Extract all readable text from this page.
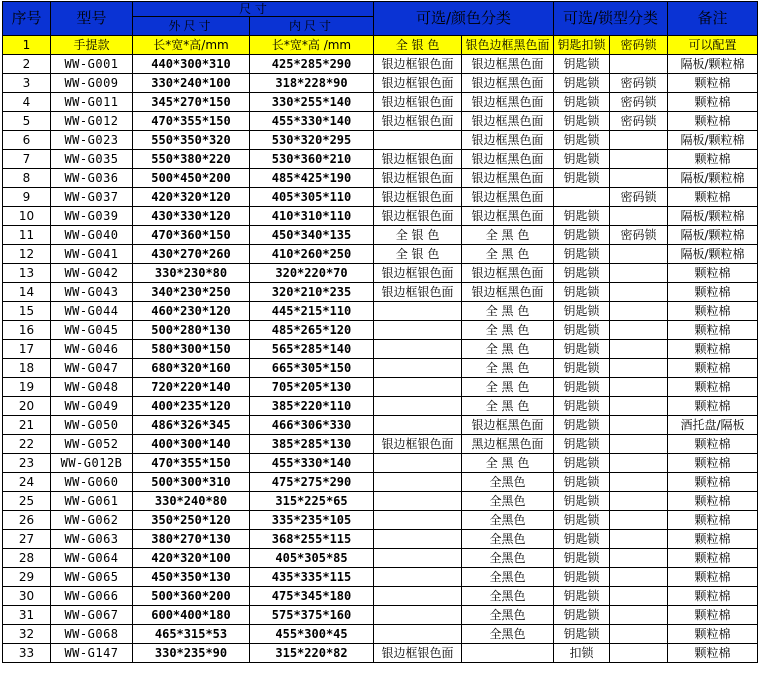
序号	型号	尺 寸		可选/颜色分类		可选/锁型分类		备注
		外尺寸	内尺寸					
1	手提款	长*宽*高/mm	长*宽*高 /mm	全 银 色	银色边框黑色面	钥匙扣锁	密码锁	可以配置
2	WW-G001	440*300*310	425*285*290	银边框银色面	银边框黑色面	钥匙锁		隔板/颗粒棉
3	WW-G009	330*240*100	318*228*90	银边框银色面	银边框黑色面	钥匙锁	密码锁	颗粒棉
4	WW-G011	345*270*150	330*255*140	银边框银色面	银边框黑色面	钥匙锁	密码锁	颗粒棉
5	WW-G012	470*355*150	455*330*140	银边框银色面	银边框黑色面	钥匙锁	密码锁	颗粒棉
6	WW-G023	550*350*320	530*320*295		银边框黑色面	钥匙锁		隔板/颗粒棉
7	WW-G035	550*380*220	530*360*210	银边框银色面	银边框黑色面	钥匙锁		颗粒棉
8	WW-G036	500*450*200	485*425*190	银边框银色面	银边框黑色面	钥匙锁		隔板/颗粒棉
9	WW-G037	420*320*120	405*305*110	银边框银色面	银边框黑色面		密码锁	颗粒棉
10	WW-G039	430*330*120	410*310*110	银边框银色面	银边框黑色面	钥匙锁		隔板/颗粒棉
11	WW-G040	470*360*150	450*340*135	全 银 色	全 黑 色	钥匙锁	密码锁	隔板/颗粒棉
12	WW-G041	430*270*260	410*260*250	全 银 色	全 黑 色	钥匙锁		隔板/颗粒棉
13	WW-G042	330*230*80	320*220*70	银边框银色面	银边框黑色面	钥匙锁		颗粒棉
14	WW-G043	340*230*250	320*210*235	银边框银色面	银边框黑色面	钥匙锁		颗粒棉
15	WW-G044	460*230*120	445*215*110		全 黑 色	钥匙锁		颗粒棉
16	WW-G045	500*280*130	485*265*120		全 黑 色	钥匙锁		颗粒棉
17	WW-G046	580*300*150	565*285*140		全 黑 色	钥匙锁		颗粒棉
18	WW-G047	680*320*160	665*305*150		全 黑 色	钥匙锁		颗粒棉
19	WW-G048	720*220*140	705*205*130		全 黑 色	钥匙锁		颗粒棉
20	WW-G049	400*235*120	385*220*110		全 黑 色	钥匙锁		颗粒棉
21	WW-G050	486*326*345	466*306*330		银边框黑色面	钥匙锁		酒托盘/隔板
22	WW-G052	400*300*140	385*285*130	银边框银色面	黑边框黑色面	钥匙锁		颗粒棉
23	WW-G012B	470*355*150	455*330*140		全 黑 色	钥匙锁		颗粒棉
24	WW-G060	500*300*310	475*275*290		全黑色	钥匙锁		颗粒棉
25	WW-G061	330*240*80	315*225*65		全黑色	钥匙锁		颗粒棉
26	WW-G062	350*250*120	335*235*105		全黑色	钥匙锁		颗粒棉
27	WW-G063	380*270*130	368*255*115		全黑色	钥匙锁		颗粒棉
28	WW-G064	420*320*100	405*305*85		全黑色	钥匙锁		颗粒棉
29	WW-G065	450*350*130	435*335*115		全黑色	钥匙锁		颗粒棉
30	WW-G066	500*360*200	475*345*180		全黑色	钥匙锁		颗粒棉
31	WW-G067	600*400*180	575*375*160		全黑色	钥匙锁		颗粒棉
32	WW-G068	465*315*53	455*300*45		全黑色	钥匙锁		颗粒棉
33	WW-G147	330*235*90	315*220*82	银边框银色面		扣锁		颗粒棉
